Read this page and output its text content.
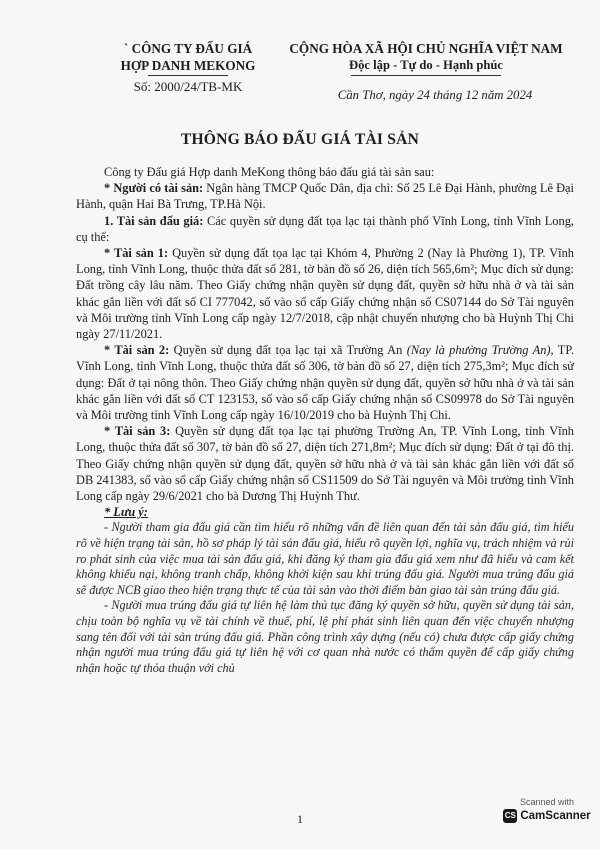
` CÔNG TY ĐẤU GIÁ
HỢP DANH MEKONG
Số: 2000/24/TB-MK
CỘNG HÒA XÃ HỘI CHỦ NGHĨA VIỆT NAM
Độc lập - Tự do - Hạnh phúc
Cần Thơ, ngày 24 tháng 12 năm 2024
THÔNG BÁO ĐẤU GIÁ TÀI SẢN

Công ty Đấu giá Hợp danh MeKong thông báo đấu giá tài sản sau:

* Người có tài sản: Ngân hàng TMCP Quốc Dân, địa chỉ: Số 25 Lê Đại Hành, phường Lê Đại Hành, quận Hai Bà Trưng, TP.Hà Nội.

1. Tài sản đấu giá: Các quyền sử dụng đất tọa lạc tại thành phố Vĩnh Long, tỉnh Vĩnh Long, cụ thể:

* Tài sản 1: Quyền sử dụng đất tọa lạc tại Khóm 4, Phường 2 (Nay là Phường 1), TP. Vĩnh Long, tỉnh Vĩnh Long, thuộc thửa đất số 281, tờ bản đồ số 26, diện tích 565,6m²; Mục đích sử dụng: Đất trồng cây lâu năm. Theo Giấy chứng nhận quyền sử dụng đất, quyền sở hữu nhà ở và tài sản khác gắn liền với đất số CI 777042, số vào sổ cấp Giấy chứng nhận số CS07144 do Sở Tài nguyên và Môi trường tỉnh Vĩnh Long cấp ngày 12/7/2018, cập nhật chuyển nhượng cho bà Huỳnh Thị Chi ngày 27/11/2021.

* Tài sản 2: Quyền sử dụng đất tọa lạc tại xã Trường An (Nay là phường Trường An), TP. Vĩnh Long, tỉnh Vĩnh Long, thuộc thửa đất số 306, tờ bản đồ số 27, diện tích 275,3m²; Mục đích sử dụng: Đất ở tại nông thôn. Theo Giấy chứng nhận quyền sử dụng đất, quyền sở hữu nhà ở và tài sản khác gắn liền với đất số CT 123153, số vào sổ cấp Giấy chứng nhận số CS09978 do Sở Tài nguyên và Môi trường tỉnh Vĩnh Long cấp ngày 16/10/2019 cho bà Huỳnh Thị Chi.

* Tài sản 3: Quyền sử dụng đất tọa lạc tại phường Trường An, TP. Vĩnh Long, tỉnh Vĩnh Long, thuộc thửa đất số 307, tờ bản đồ số 27, diện tích 271,8m²; Mục đích sử dụng: Đất ở tại đô thị. Theo Giấy chứng nhận quyền sử dụng đất, quyền sở hữu nhà ở và tài sản khác gắn liền với đất số DB 241383, số vào sổ cấp Giấy chứng nhận số CS11509 do Sở Tài nguyên và Môi trường tỉnh Vĩnh Long cấp ngày 29/6/2021 cho bà Dương Thị Huỳnh Thư.

* Lưu ý:

- Người tham gia đấu giá cần tìm hiểu rõ những vấn đề liên quan đến tài sản đấu giá, tìm hiểu rõ về hiện trạng tài sản, hồ sơ pháp lý tài sản đấu giá, hiểu rõ quyền lợi, nghĩa vụ, trách nhiệm và rủi ro phát sinh của việc mua tài sản đấu giá, khi đăng ký tham gia đấu giá xem như đã hiểu và cam kết không khiếu nại, không tranh chấp, không khởi kiện sau khi trúng đấu giá. Người mua trúng đấu giá sẽ được NCB giao theo hiện trạng thực tế của tài sản vào thời điểm bàn giao tài sản trúng đấu giá.

- Người mua trúng đấu giá tự liên hệ làm thủ tục đăng ký quyền sở hữu, quyền sử dụng tài sản, chịu toàn bộ nghĩa vụ về tài chính về thuế, phí, lệ phí phát sinh liên quan đến việc chuyển nhượng sang tên đối với tài sản trúng đấu giá. Phần công trình xây dựng (nếu có) chưa được cấp giấy chứng nhận người mua trúng đấu giá tự liên hệ với cơ quan nhà nước có thẩm quyền để cấp giấy chứng nhận hoặc tự thỏa thuận với chủ

1
Scanned with
CS CamScanner
